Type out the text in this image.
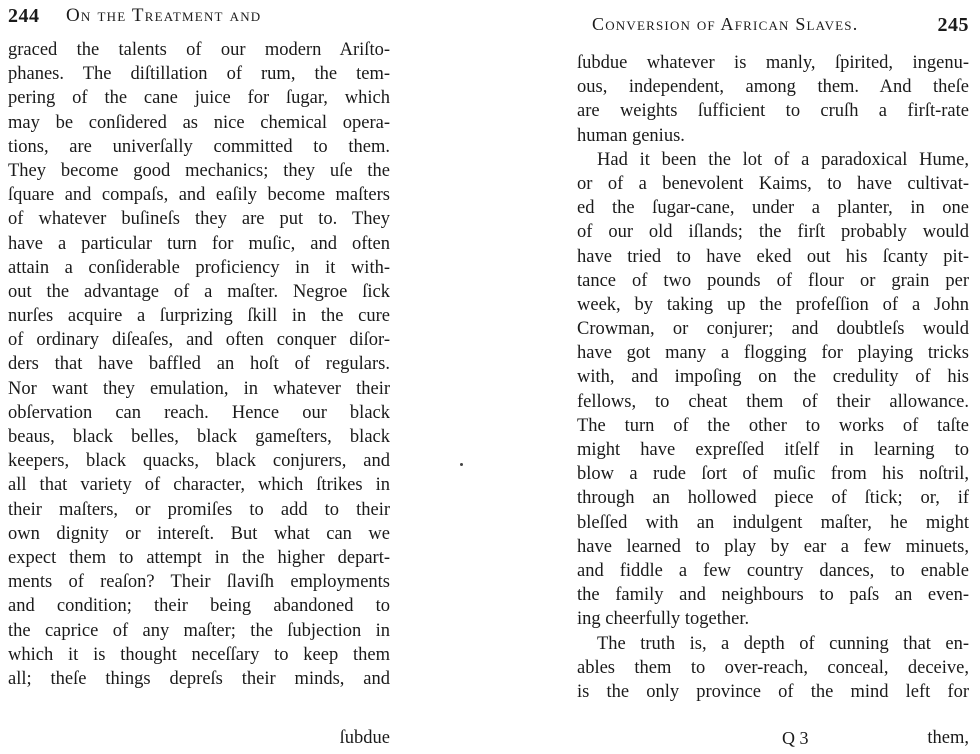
244 On the Treatment and
graced the talents of our modern Ariſto-
phanes. The diſtillation of rum, the tem-
pering of the cane juice for ſugar, which
may be conſidered as nice chemical opera-
tions, are univerſally committed to them.
They become good mechanics; they uſe the
ſquare and compaſs, and eaſily become maſters
of whatever buſineſs they are put to. They
have a particular turn for muſic, and often
attain a conſiderable proficiency in it with-
out the advantage of a maſter. Negroe ſick
nurſes acquire a ſurprizing ſkill in the cure
of ordinary diſeaſes, and often conquer diſor-
ders that have baffled an hoſt of regulars.
Nor want they emulation, in whatever their
obſervation can reach. Hence our black
beaus, black belles, black gameſters, black
keepers, black quacks, black conjurers, and
all that variety of character, which ſtrikes in
their maſters, or promiſes to add to their
own dignity or intereſt. But what can we
expect them to attempt in the higher depart-
ments of reaſon? Their ſlaviſh employments
and condition; their being abandoned to
the caprice of any maſter; the ſubjection in
which it is thought neceſſary to keep them
all; theſe things depreſs their minds, and
ſubdue
Conversion of African Slaves.	245
ſubdue whatever is manly, ſpirited, ingenu-
ous, independent, among them. And theſe
are weights ſufficient to cruſh a firſt-rate
human genius.
Had it been the lot of a paradoxical Hume,
or of a benevolent Kaims, to have cultivat-
ed the ſugar-cane, under a planter, in one
of our old iſlands; the firſt probably would
have tried to have eked out his ſcanty pit-
tance of two pounds of flour or grain per
week, by taking up the profeſſion of a John
Crowman, or conjurer; and doubtleſs would
have got many a flogging for playing tricks
with, and impoſing on the credulity of his
fellows, to cheat them of their allowance.
The turn of the other to works of taſte
might have expreſſed itſelf in learning to
blow a rude ſort of muſic from his noſtril,
through an hollowed piece of ſtick; or, if
bleſſed with an indulgent maſter, he might
have learned to play by ear a few minuets,
and fiddle a few country dances, to enable
the family and neighbours to paſs an even-
ing cheerfully together.
The truth is, a depth of cunning that en-
ables them to over-reach, conceal, deceive,
is the only province of the mind left for
Q 3	them,
